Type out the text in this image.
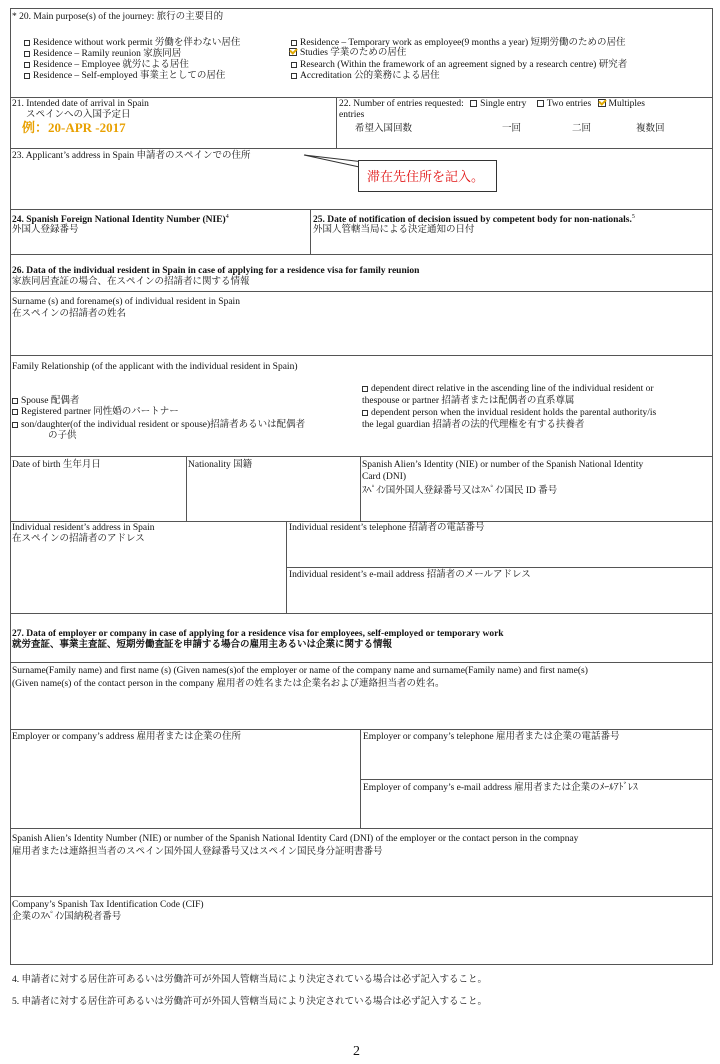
* 20. Main purpose(s) of the journey: 旅行の主要目的
Residence without work permit 労働を伴わない居住
Residence – Ramily reunion 家族同居
Residence – Employee 就労による居住
Residence – Self-employed 事業主としての居住
Residence – Temporary work as employee(9 months a year) 短期労働のための居住
Studies 学業のための居住
Research (Within the framework of an agreement signed by a research centre) 研究者
Accreditation 公的業務による居住
21. Intended date of arrival in Spain
スペインへの入国予定日
例：20-APR -2017
22. Number of entries requested: Single entry Two entries Multiples
entries
希望入国回数	一回	二回	複数回
23. Applicant’s address in Spain 申請者のスペインでの住所
滞在先住所を記入。
24. Spanish Foreign National Identity Number (NIE)$^4$
外国人登録番号
25. Date of notification of decision issued by competent body for non-nationals.$^5$
外国人管轄当局による決定通知の日付
26. Data of the individual resident in Spain in case of applying for a residence visa for family reunion
家族同居査証の場合、在スペインの招請者に関する情報
Surname (s) and forename(s) of individual resident in Spain
在スペインの招請者の姓名
Family Relationship (of the applicant with the individual resident in Spain)
Spouse 配偶者
Registered partner 同性婚のパートナー
son/daughter(of the individual resident or spouse)招請者あるいは配偶者
の子供
dependent direct relative in the ascending line of the individual resident or
thespouse or partner 招請者または配偶者の直系尊属
dependent person when the invidual resident holds the parental authority/is
the legal guardian 招請者の法的代理権を有する扶養者
Date of birth 生年月日	Nationality 国籍	Spanish Alien’s Identity (NIE) or number of the Spanish National Identity
Card (DNI)
ｽﾍﾟｲﾝ国外国人登録番号又はｽﾍﾟｲﾝ国民 ID 番号
Individual resident’s address in Spain
在スペインの招請者のアドレス
Individual resident’s telephone 招請者の電話番号
Individual resident’s e-mail address 招請者のメールアドレス
27. Data of employer or company in case of applying for a residence visa for employees, self-employed or temporary work
就労査証、事業主査証、短期労働査証を申請する場合の雇用主あるいは企業に関する情報
Surname(Family name) and first name (s) (Given names(s)of the employer or name of the company name and surname(Family name) and first name(s)
(Given name(s) of the contact person in the company 雇用者の姓名または企業名および連絡担当者の姓名。
Employer or company’s address 雇用者または企業の住所	Employer or company’s telephone 雇用者または企業の電話番号
Employer of company’s e-mail address 雇用者または企業のﾒｰﾙｱﾄﾞﾚｽ
Spanish Alien’s Identity Number (NIE) or number of the Spanish National Identity Card (DNI) of the employer or the contact person in the compnay
雇用者または連絡担当者のスペイン国外国人登録番号又はスペイン国民身分証明書番号
Company’s Spanish Tax Identification Code (CIF)
企業のｽﾍﾟｲﾝ国納税者番号
4. 申請者に対する居住許可あるいは労働許可が外国人管轄当局により決定されている場合は必ず記入すること。
5. 申請者に対する居住許可あるいは労働許可が外国人管轄当局により決定されている場合は必ず記入すること。
2
